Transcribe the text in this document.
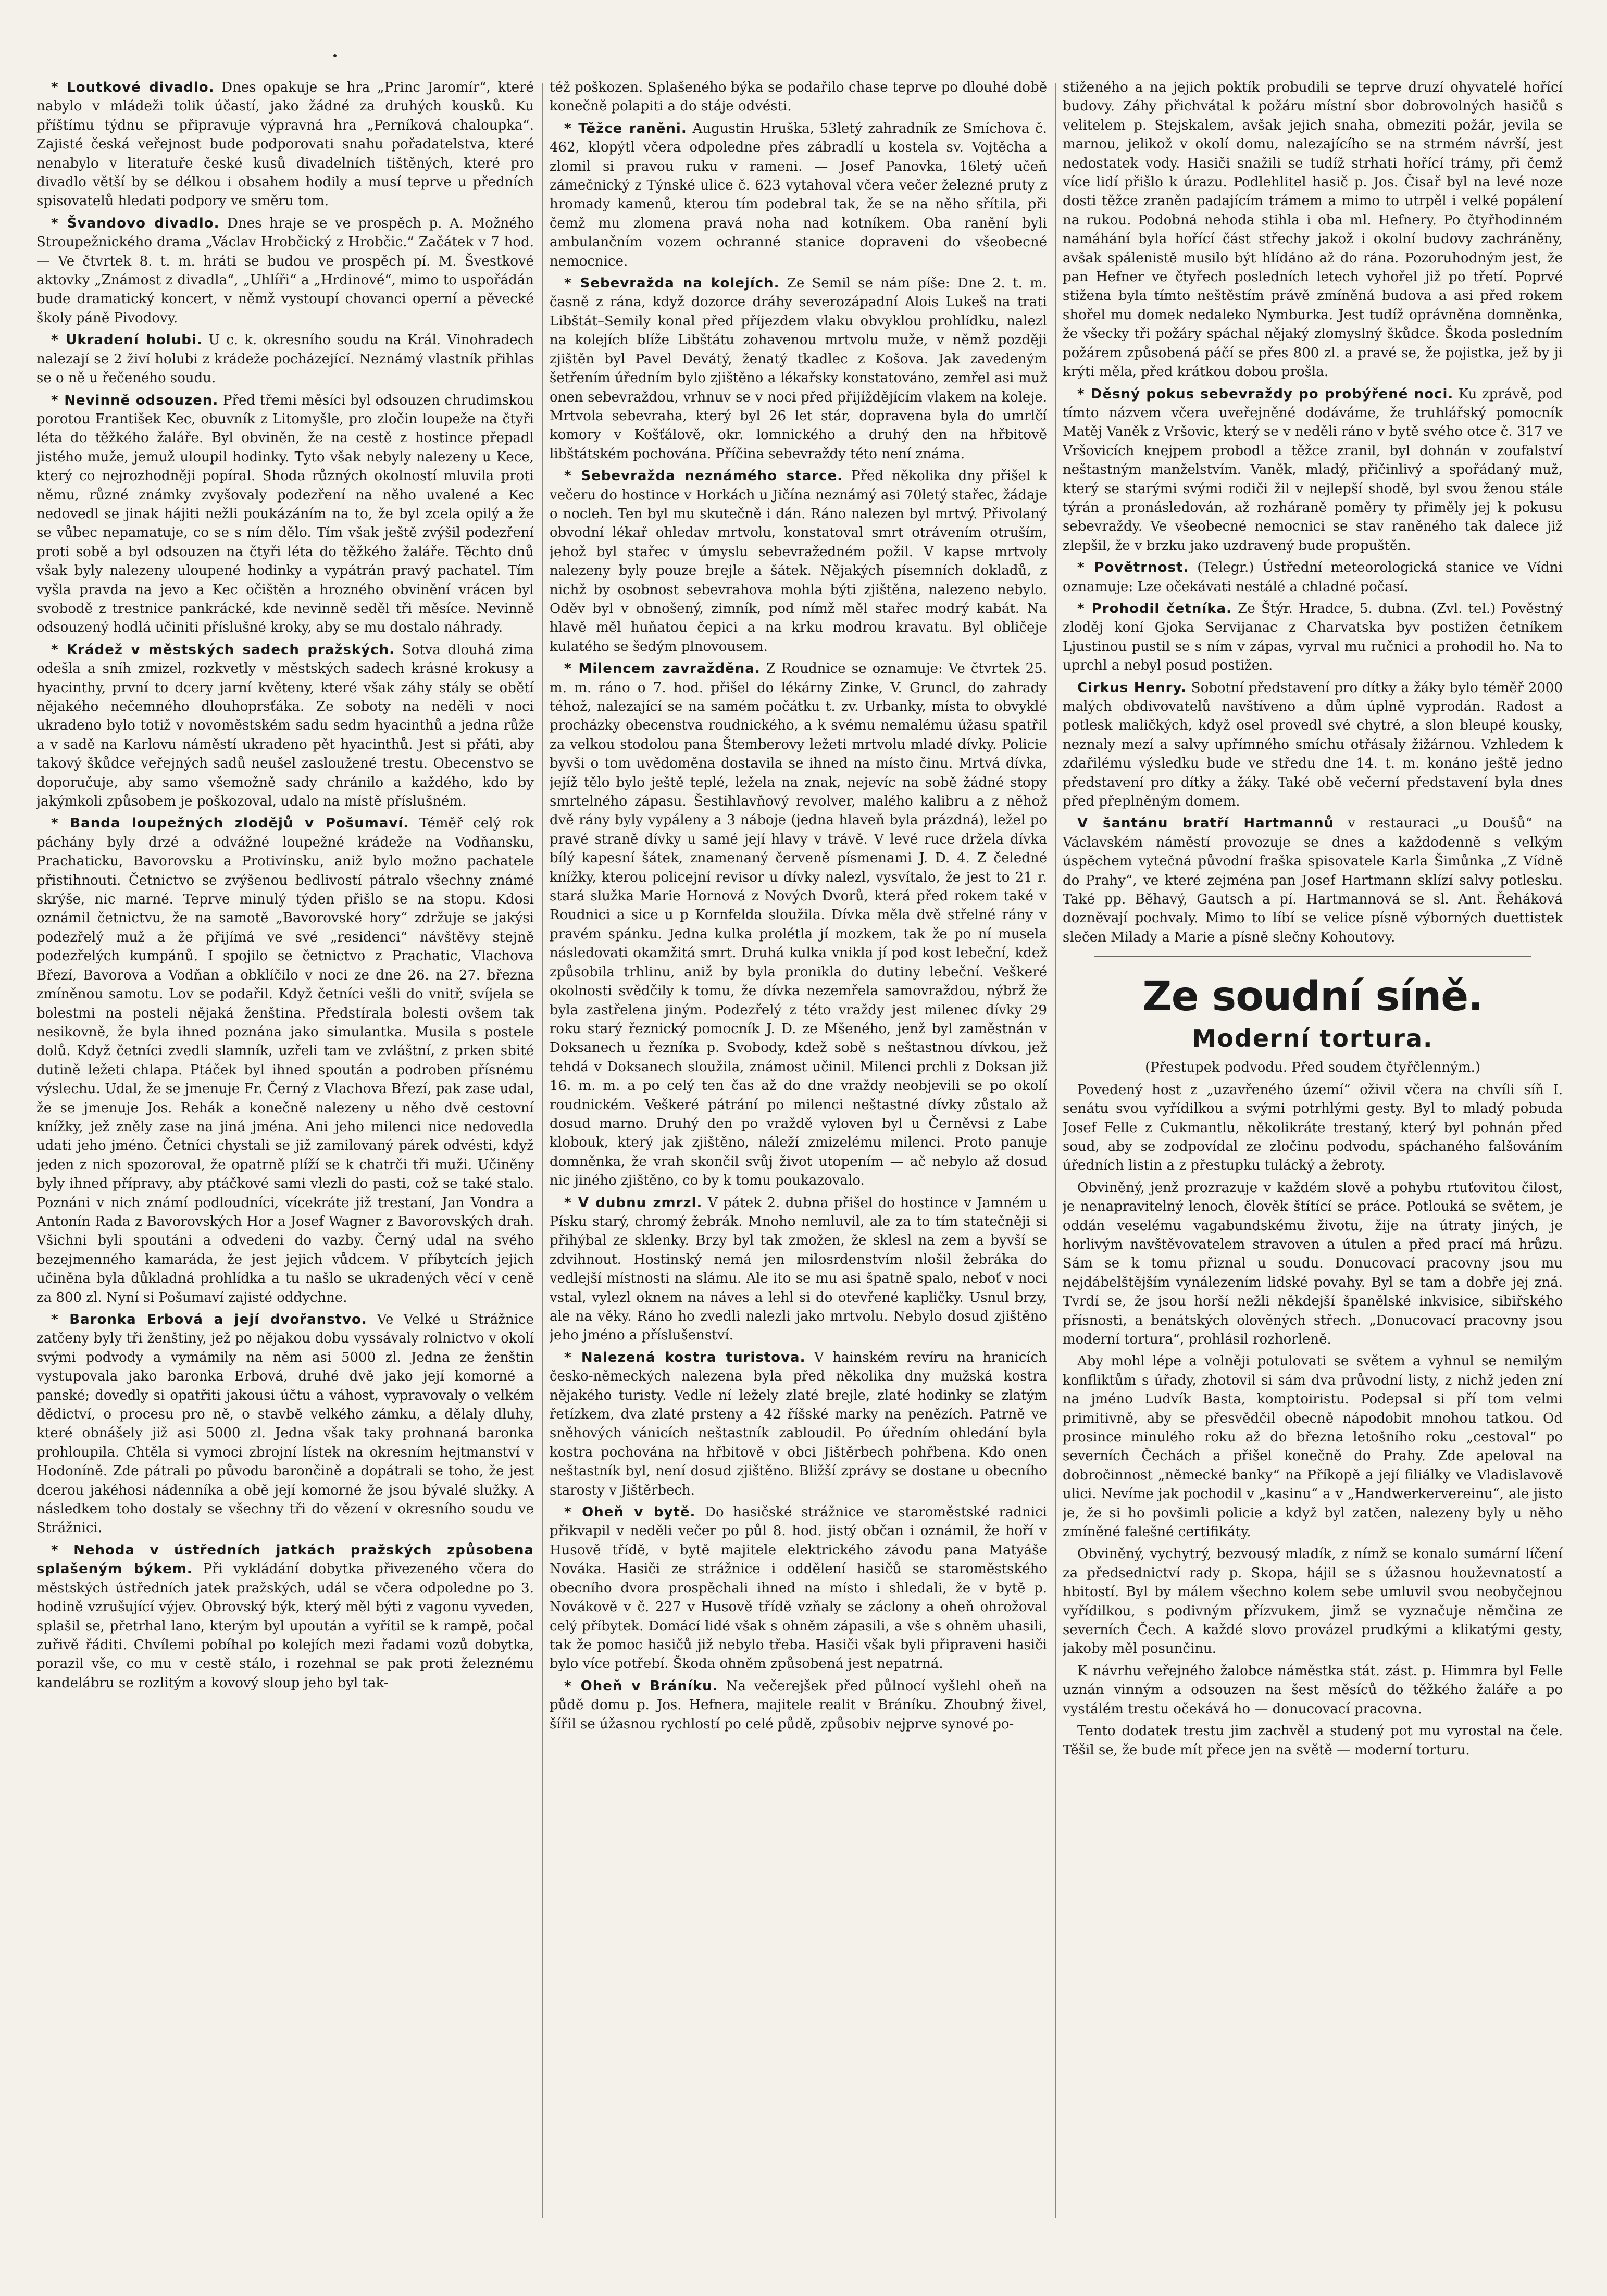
* Loutkové divadlo. Dnes opakuje se hra „Princ Jaromír“, které nabylo v mládeži tolik účastí, jako žádné za druhých kousků. Ku příštímu týdnu se připravuje výpravná hra „Perníková chaloupka“. Zajisté česká veřejnost bude podporovati snahu pořadatelstva, které nenabylo v literatuře české kusů divadelních tištěných, které pro divadlo větší by se délkou i obsahem hodily a musí teprve u předních spisovatelů hledati podpory ve směru tom.

* Švandovo divadlo. Dnes hraje se ve prospěch p. A. Možného Stroupežnického drama „Václav Hrobčický z Hrobčic.“ Začátek v 7 hod. — Ve čtvrtek 8. t. m. hráti se budou ve prospěch pí. M. Švestkové aktovky „Známost z divadla“, „Uhlíři“ a „Hrdinové“, mimo to uspořádán bude dramatický koncert, v němž vystoupí chovanci operní a pěvecké školy páně Pivodovy.

* Ukradení holubi. U c. k. okresního soudu na Král. Vinohradech nalezají se 2 živí holubi z krádeže pocházející. Neznámý vlastník přihlas se o ně u řečeného soudu.

* Nevinně odsouzen. Před třemi měsíci byl odsouzen chrudimskou porotou František Kec, obuvník z Litomyšle, pro zločin loupeže na čtyři léta do těžkého žaláře. Byl obviněn, že na cestě z hostince přepadl jistého muže, jemuž uloupil hodinky. Tyto však nebyly nalezeny u Kece, který co nejrozhodněji popíral. Shoda různých okolností mluvila proti němu, různé známky zvyšovaly podezření na něho uvalené a Kec nedovedl se jinak hájiti nežli poukázáním na to, že byl zcela opilý a že se vůbec nepamatuje, co se s ním dělo. Tím však ještě zvýšil podezření proti sobě a byl odsouzen na čtyři léta do těžkého žaláře. Těchto dnů však byly nalezeny uloupené hodinky a vypátrán pravý pachatel. Tím vyšla pravda na jevo a Kec očištěn a hrozného obvinění vrácen byl svobodě z trestnice pankrácké, kde nevinně seděl tři měsíce. Nevinně odsouzený hodlá učiniti příslušné kroky, aby se mu dostalo náhrady.

* Krádež v městských sadech pražských. Sotva dlouhá zima odešla a sníh zmizel, rozkvetly v městských sadech krásné krokusy a hyacinthy, první to dcery jarní květeny, které však záhy stály se obětí nějakého nečemného dlouhoprsťáka. Ze soboty na neděli v noci ukradeno bylo totiž v novoměstském sadu sedm hyacinthů a jedna růže a v sadě na Karlovu náměstí ukradeno pět hyacinthů. Jest si přáti, aby takový škůdce veřejných sadů neušel zasloužené trestu. Obecenstvo se doporučuje, aby samo všemožně sady chránilo a každého, kdo by jakýmkoli způsobem je poškozoval, udalo na místě příslušném.

* Banda loupežných zlodějů v Pošumaví. Téměř celý rok páchány byly drzé a odvážné loupežné krádeže na Vodňansku, Prachaticku, Bavorovsku a Protivínsku, aniž bylo možno pachatele přistihnouti. Četnictvo se zvýšenou bedlivostí pátralo všechny známé skrýše, nic marné. Teprve minulý týden přišlo se na stopu. Kdosi oznámil četnictvu, že na samotě „Bavorovské hory“ zdržuje se jakýsi podezřelý muž a že přijímá ve své „residenci“ návštěvy stejně podezřelých kumpánů. I spojilo se četnictvo z Prachatic, Vlachova Březí, Bavorova a Vodňan a obklíčilo v noci ze dne 26. na 27. března zmíněnou samotu. Lov se podařil. Když četníci vešli do vnitř, svíjela se bolestmi na posteli nějaká ženština. Předstírala bolesti ovšem tak nesikovně, že byla ihned poznána jako simulantka. Musila s postele dolů. Když četníci zvedli slamník, uzřeli tam ve zvláštní, z prken sbité dutině ležeti chlapa. Ptáček byl ihned spoután a podroben přísnému výslechu. Udal, že se jmenuje Fr. Černý z Vlachova Březí, pak zase udal, že se jmenuje Jos. Rehák a konečně nalezeny u něho dvě cestovní knížky, jež zněly zase na jiná jména. Ani jeho milenci nice nedovedla udati jeho jméno. Četníci chystali se již zamilovaný párek odvésti, když jeden z nich spozoroval, že opatrně plíží se k chatrči tři muži. Učiněny byly ihned přípravy, aby ptáčkové sami vlezli do pasti, což se také stalo. Poznáni v nich známí podloudníci, vícekráte již trestaní, Jan Vondra a Antonín Rada z Bavorovských Hor a Josef Wagner z Bavorovských drah. Všichni byli spoutáni a odvedeni do vazby. Černý udal na svého bezejmenného kamaráda, že jest jejich vůdcem. V příbytcích jejich učiněna byla důkladná prohlídka a tu našlo se ukradených věcí v ceně za 800 zl. Nyní si Pošumaví zajisté oddychne.

* Baronka Erbová a její dvořanstvo. Ve Velké u Strážnice zatčeny byly tři ženštiny, jež po nějakou dobu vyssávaly rolnictvo v okolí svými podvody a vymámily na něm asi 5000 zl. Jedna ze ženštin vystupovala jako baronka Erbová, druhé dvě jako její komorné a panské; dovedly si opatřiti jakousi účtu a váhost, vypravovaly o velkém dědictví, o procesu pro ně, o stavbě velkého zámku, a dělaly dluhy, které obnášely již asi 5000 zl. Jedna však taky prohnaná baronka prohloupila. Chtěla si vymoci zbrojní lístek na okresním hejtmanství v Hodoníně. Zde pátrali po původu barončině a dopátrali se toho, že jest dcerou jakéhosi nádenníka a obě její komorné že jsou bývalé služky. A následkem toho dostaly se všechny tři do vězení v okresního soudu ve Strážnici.

* Nehoda v ústředních jatkách pražských způsobena splašeným býkem. Při vykládání dobytka přivezeného včera do městských ústředních jatek pražských, udál se včera odpoledne po 3. hodině vzrušující výjev. Obrovský býk, který měl býti z vagonu vyveden, splašil se, přetrhal lano, kterým byl upoután a vyřítil se k rampě, počal zuřivě řáditi. Chvílemi pobíhal po kolejích mezi řadami vozů dobytka, porazil vše, co mu v cestě stálo, i rozehnal se pak proti železnému kandelábru se rozlitým a kovový sloup jeho byl tak-

též poškozen. Splašeného býka se podařilo chase teprve po dlouhé době konečně polapiti a do stáje odvésti.

* Těžce raněni. Augustin Hruška, 53letý zahradník ze Smíchova č. 462, klopýtl včera odpoledne přes zábradlí u kostela sv. Vojtěcha a zlomil si pravou ruku v rameni. — Josef Panovka, 16letý učeň zámečnický z Týnské ulice č. 623 vytahoval včera večer železné pruty z hromady kamenů, kterou tím podebral tak, že se na něho sřítila, při čemž mu zlomena pravá noha nad kotníkem. Oba ranění byli ambulančním vozem ochranné stanice dopraveni do všeobecné nemocnice.

* Sebevražda na kolejích. Ze Semil se nám píše: Dne 2. t. m. časně z rána, když dozorce dráhy severozápadní Alois Lukeš na trati Libštát–Semily konal před příjezdem vlaku obvyklou prohlídku, nalezl na kolejích blíže Libštátu zohavenou mrtvolu muže, v němž později zjištěn byl Pavel Devátý, ženatý tkadlec z Košova. Jak zavedeným šetřením úředním bylo zjištěno a lékařsky konstatováno, zemřel asi muž onen sebevraždou, vrhnuv se v noci před přijíždějícím vlakem na koleje. Mrtvola sebevraha, který byl 26 let stár, dopravena byla do umrlčí komory v Košťálově, okr. lomnického a druhý den na hřbitově libštátském pochována. Příčina sebevraždy této není známa.

* Sebevražda neznámého starce. Před několika dny přišel k večeru do hostince v Horkách u Jičína neznámý asi 70letý stařec, žádaje o nocleh. Ten byl mu skutečně i dán. Ráno nalezen byl mrtvý. Přivolaný obvodní lékař ohledav mrtvolu, konstatoval smrt otrávením otruším, jehož byl stařec v úmyslu sebevražedném požil. V kapse mrtvoly nalezeny byly pouze brejle a šátek. Nějakých písemních dokladů, z nichž by osobnost sebevrahova mohla býti zjištěna, nalezeno nebylo. Oděv byl v obnošený, zimník, pod nímž měl stařec modrý kabát. Na hlavě měl huňatou čepici a na krku modrou kravatu. Byl obličeje kulatého se šedým plnovousem.

* Milencem zavražděna. Z Roudnice se oznamuje: Ve čtvrtek 25. m. m. ráno o 7. hod. přišel do lékárny Zinke, V. Gruncl, do zahrady téhož, nalezající se na samém počátku t. zv. Urbanky, místa to obvyklé procházky obecenstva roudnického, a k svému nemalému úžasu spatřil za velkou stodolou pana Štemberovy ležeti mrtvolu mladé dívky. Policie byvši o tom uvědoměna dostavila se ihned na místo činu. Mrtvá dívka, jejíž tělo bylo ještě teplé, ležela na znak, nejevíc na sobě žádné stopy smrtelného zápasu. Šestihlavňový revolver, malého kalibru a z něhož dvě rány byly vypáleny a 3 náboje (jedna hlaveň byla prázdná), ležel po pravé straně dívky u samé její hlavy v trávě. V levé ruce držela dívka bílý kapesní šátek, znamenaný červeně písmenami J. D. 4. Z čeledné knížky, kterou policejní revisor u dívky nalezl, vysvítalo, že jest to 21 r. stará služka Marie Hornová z Nových Dvorů, která před rokem také v Roudnici a sice u p Kornfelda sloužila. Dívka měla dvě střelné rány v pravém spánku. Jedna kulka prolétla jí mozkem, tak že po ní musela následovati okamžitá smrt. Druhá kulka vnikla jí pod kost lebeční, kdež způsobila trhlinu, aniž by byla pronikla do dutiny lebeční. Veškeré okolnosti svědčily k tomu, že dívka nezemřela samovraždou, nýbrž že byla zastřelena jiným. Podezřelý z této vraždy jest milenec dívky 29 roku starý řeznický pomocník J. D. ze Mšeného, jenž byl zaměstnán v Doksanech u řezníka p. Svobody, kdež sobě s neštastnou dívkou, jež tehdá v Doksanech sloužila, známost učinil. Milenci prchli z Doksan již 16. m. m. a po celý ten čas až do dne vraždy neobjevili se po okolí roudnickém. Veškeré pátrání po milenci neštastné dívky zůstalo až dosud marno. Druhý den po vraždě vyloven byl u Černěvsi z Labe klobouk, který jak zjištěno, náleží zmizelému milenci. Proto panuje domněnka, že vrah skončil svůj život utopením — ač nebylo až dosud nic jiného zjištěno, co by k tomu poukazovalo.

* V dubnu zmrzl. V pátek 2. dubna přišel do hostince v Jamném u Písku starý, chromý žebrák. Mnoho nemluvil, ale za to tím statečněji si přihýbal ze sklenky. Brzy byl tak zmožen, že sklesl na zem a byvší se zdvihnout. Hostinský nemá jen milosrdenstvím nlošil žebráka do vedlejší místnosti na slámu. Ale ito se mu asi špatně spalo, neboť v noci vstal, vylezl oknem na náves a lehl si do otevřené kapličky. Usnul brzy, ale na věky. Ráno ho zvedli nalezli jako mrtvolu. Nebylo dosud zjištěno jeho jméno a příslušenství.

* Nalezená kostra turistova. V hainském revíru na hranicích česko-německých nalezena byla před několika dny mužská kostra nějakého turisty. Vedle ní ležely zlaté brejle, zlaté hodinky se zlatým řetízkem, dva zlaté prsteny a 42 říšské marky na penězích. Patrně ve sněhových vánicích neštastník zabloudil. Po úředním ohledání byla kostra pochována na hřbitově v obci Jištěrbech pohřbena. Kdo onen neštastník byl, není dosud zjištěno. Bližší zprávy se dostane u obecního starosty v Jištěrbech.

* Oheň v bytě. Do hasičské strážnice ve staroměstské radnici přikvapil v neděli večer po půl 8. hod. jistý občan i oznámil, že hoří v Husově třídě, v bytě majitele elektrického závodu pana Matyáše Nováka. Hasiči ze strážnice i oddělení hasičů se staroměstského obecního dvora prospěchali ihned na místo i shledali, že v bytě p. Novákově v č. 227 v Husově třídě vzňaly se záclony a oheň ohrožoval celý příbytek. Domácí lidé však s ohněm zápasili, a vše s ohněm uhasili, tak že pomoc hasičů již nebylo třeba. Hasiči však byli připraveni hasiči bylo více potřebí. Škoda ohněm způsobená jest nepatrná.

* Oheň v Bráníku. Na večerejšek před půlnocí vyšlehl oheň na půdě domu p. Jos. Hefnera, majitele realit v Bráníku. Zhoubný živel, šířil se úžasnou rychlostí po celé půdě, způsobiv nejprve synové po-

stiženého a na jejich poktík probudili se teprve druzí ohyvatelé hořící budovy. Záhy přichvátal k požáru místní sbor dobrovolných hasičů s velitelem p. Stejskalem, avšak jejich snaha, obmeziti požár, jevila se marnou, jelikož v okolí domu, nalezajícího se na strmém návrší, jest nedostatek vody. Hasiči snažili se tudíž strhati hořící trámy, při čemž více lidí přišlo k úrazu. Podlehlitel hasič p. Jos. Čisař byl na levé noze dosti těžce zraněn padajícím trámem a mimo to utrpěl i velké popálení na rukou. Podobná nehoda stihla i oba ml. Hefnery. Po čtyřhodinném namáhání byla hořící část střechy jakož i okolní budovy zachráněny, avšak spálenistě musilo být hlídáno až do rána. Pozoruhodným jest, že pan Hefner ve čtyřech posledních letech vyhořel již po třetí. Poprvé stižena byla tímto neštěstím právě zmíněná budova a asi před rokem shořel mu domek nedaleko Nymburka. Jest tudíž oprávněna domněnka, že všecky tři požáry spáchal nějaký zlomyslný škůdce. Škoda posledním požárem způsobená páčí se přes 800 zl. a pravé se, že pojistka, jež by ji krýti měla, před krátkou dobou prošla.

* Děsný pokus sebevraždy po probýřené noci. Ku zprávě, pod tímto názvem včera uveřejněné dodáváme, že truhlářský pomocník Matěj Vaněk z Vršovic, který se v neděli ráno v bytě svého otce č. 317 ve Vršovicích knejpem probodl a těžce zranil, byl dohnán v zoufalství neštastným manželstvím. Vaněk, mladý, přičinlivý a spořádaný muž, který se starými svými rodiči žil v nejlepší shodě, byl svou ženou stále týrán a pronásledován, až rozháraně poměry ty přiměly jej k pokusu sebevraždy. Ve všeobecné nemocnici se stav raněného tak dalece již zlepšil, že v brzku jako uzdravený bude propuštěn.

* Povětrnost. (Telegr.) Ústřední meteorologická stanice ve Vídni oznamuje: Lze očekávati nestálé a chladné počasí.

* Prohodil četníka. Ze Štýr. Hradce, 5. dubna. (Zvl. tel.) Pověstný zloděj koní Gjoka Servijanac z Charvatska byv postižen četníkem Ljustinou pustil se s ním v zápas, vyrval mu ručnici a prohodil ho. Na to uprchl a nebyl posud postižen.

Cirkus Henry. Sobotní představení pro dítky a žáky bylo téměř 2000 malých obdivovatelů navštíveno a dům úplně vyprodán. Radost a potlesk maličkých, když osel provedl své chytré, a slon bleupé kousky, neznaly mezí a salvy upřímného smíchu otřásaly žižárnou. Vzhledem k zdařilému výsledku bude ve středu dne 14. t. m. konáno ještě jedno představení pro dítky a žáky. Také obě večerní představení byla dnes před přeplněným domem.

V šantánu bratří Hartmannů v restauraci „u Doušů“ na Václavském náměstí provozuje se dnes a každodenně s velkým úspěchem vytečná původní fraška spisovatele Karla Šimůnka „Z Vídně do Prahy“, ve které zejména pan Josef Hartmann sklízí salvy potlesku. Také pp. Běhavý, Gautsch a pí. Hartmannová se sl. Ant. Řeháková dozněvají pochvaly. Mimo to líbí se velice písně výborných duettistek slečen Milady a Marie a písně slečny Kohoutovy.

Ze soudní síně.
Moderní tortura.

(Přestupek podvodu. Před soudem čtyřčlenným.)

Povedený host z „uzavřeného území“ oživil včera na chvíli síň I. senátu svou vyřídilkou a svými potrhlými gesty. Byl to mladý pobuda Josef Felle z Cukmantlu, několikráte trestaný, který byl pohnán před soud, aby se zodpovídal ze zločinu podvodu, spáchaného falšováním úředních listin a z přestupku tulácký a žebroty.

Obviněný, jenž prozrazuje v každém slově a pohybu rtuťovitou čilost, je nenapravitelný lenoch, člověk štítící se práce. Potlouká se světem, je oddán veselému vagabundskému životu, žije na útraty jiných, je horlivým navštěvovatelem stravoven a útulen a před prací má hrůzu. Sám se k tomu přiznal u soudu. Donucovací pracovny jsou mu nejdábelštějším vynálezením lidské povahy. Byl se tam a dobře jej zná. Tvrdí se, že jsou horší nežli někdejší španělské inkvisice, sibiřského přísnosti, a benátských olověných střech. „Donucovací pracovny jsou moderní tortura“, prohlásil rozhorleně.

Aby mohl lépe a volněji potulovati se světem a vyhnul se nemilým konfliktům s úřady, zhotovil si sám dva průvodní listy, z nichž jeden zní na jméno Ludvík Basta, komptoiristu. Podepsal si pří tom velmi primitivně, aby se přesvědčil obecně nápodobit mnohou tatkou. Od prosince minulého roku až do března letošního roku „cestoval“ po severních Čechách a přišel konečně do Prahy. Zde apeloval na dobročinnost „německé banky“ na Příkopě a její filiálky ve Vladislavově ulici. Nevíme jak pochodil v „kasinu“ a v „Handwerkervereinu“, ale jisto je, že si ho povšimli policie a když byl zatčen, nalezeny byly u něho zmíněné falešné certifikáty.

Obviněný, vychytrý, bezvousý mladík, z nímž se konalo sumární líčení za předsednictví rady p. Skopa, hájil se s úžasnou houževnatostí a hbitostí. Byl by málem všechno kolem sebe umluvil svou neobyčejnou vyřídilkou, s podivným přízvukem, jimž se vyznačuje němčina ze severních Čech. A každé slovo provázel prudkými a klikatými gesty, jakoby měl posunčinu.

K návrhu veřejného žalobce náměstka stát. zást. p. Himmra byl Felle uznán vinným a odsouzen na šest měsíců do těžkého žaláře a po vystálém trestu očekává ho — donucovací pracovna.

Tento dodatek trestu jim zachvěl a studený pot mu vyrostal na čele. Těšil se, že bude mít přece jen na světě — moderní torturu.
